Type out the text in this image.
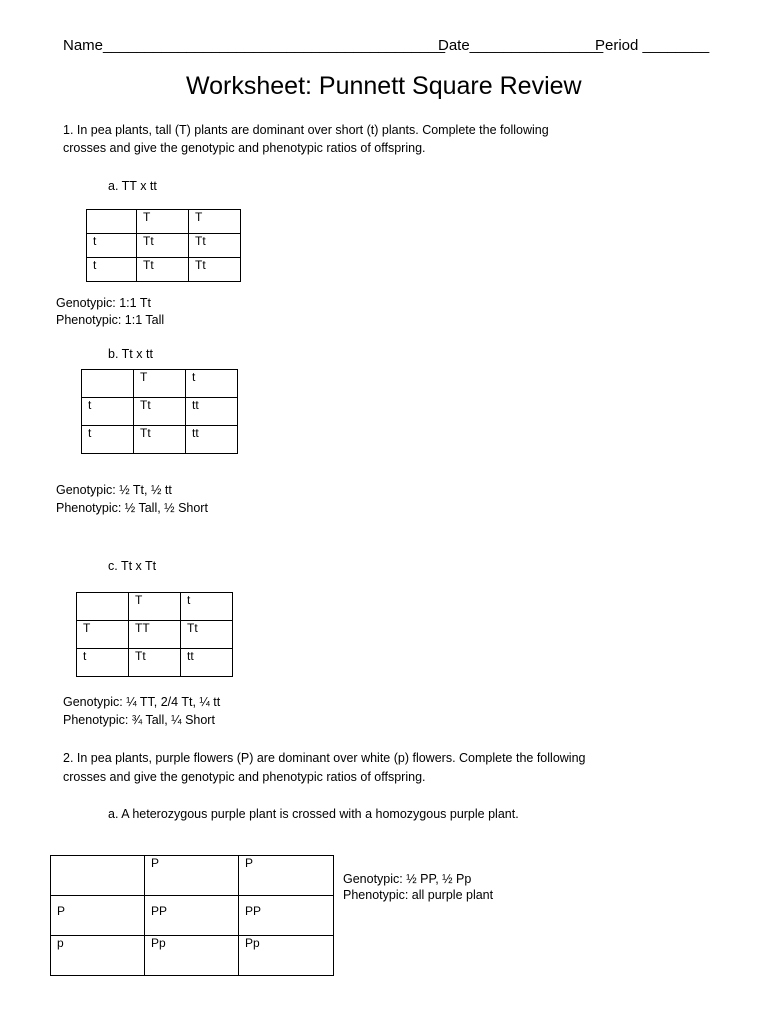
Name_________________________________________
Date________________
Period ________
Worksheet: Punnett Square Review
1. In pea plants, tall (T) plants are dominant over short (t) plants. Complete the following
crosses and give the genotypic and phenotypic ratios of offspring.
a. TT x tt
	T	T
t	Tt	Tt
t	Tt	Tt
Genotypic: 1:1 Tt
Phenotypic: 1:1 Tall
b. Tt x tt
	T	t
t	Tt	tt
t	Tt	tt
Genotypic: ½ Tt, ½ tt
Phenotypic: ½ Tall, ½ Short
c. Tt x Tt
	T	t
T	TT	Tt
t	Tt	tt
Genotypic: ¼ TT, 2/4 Tt, ¼ tt
Phenotypic: ¾ Tall, ¼ Short
2. In pea plants, purple flowers (P) are dominant over white (p) flowers. Complete the following
crosses and give the genotypic and phenotypic ratios of offspring.
a. A heterozygous purple plant is crossed with a homozygous purple plant.
	P	P
P	PP	PP
p	Pp	Pp
Genotypic: ½ PP, ½ Pp
Phenotypic: all purple plant
